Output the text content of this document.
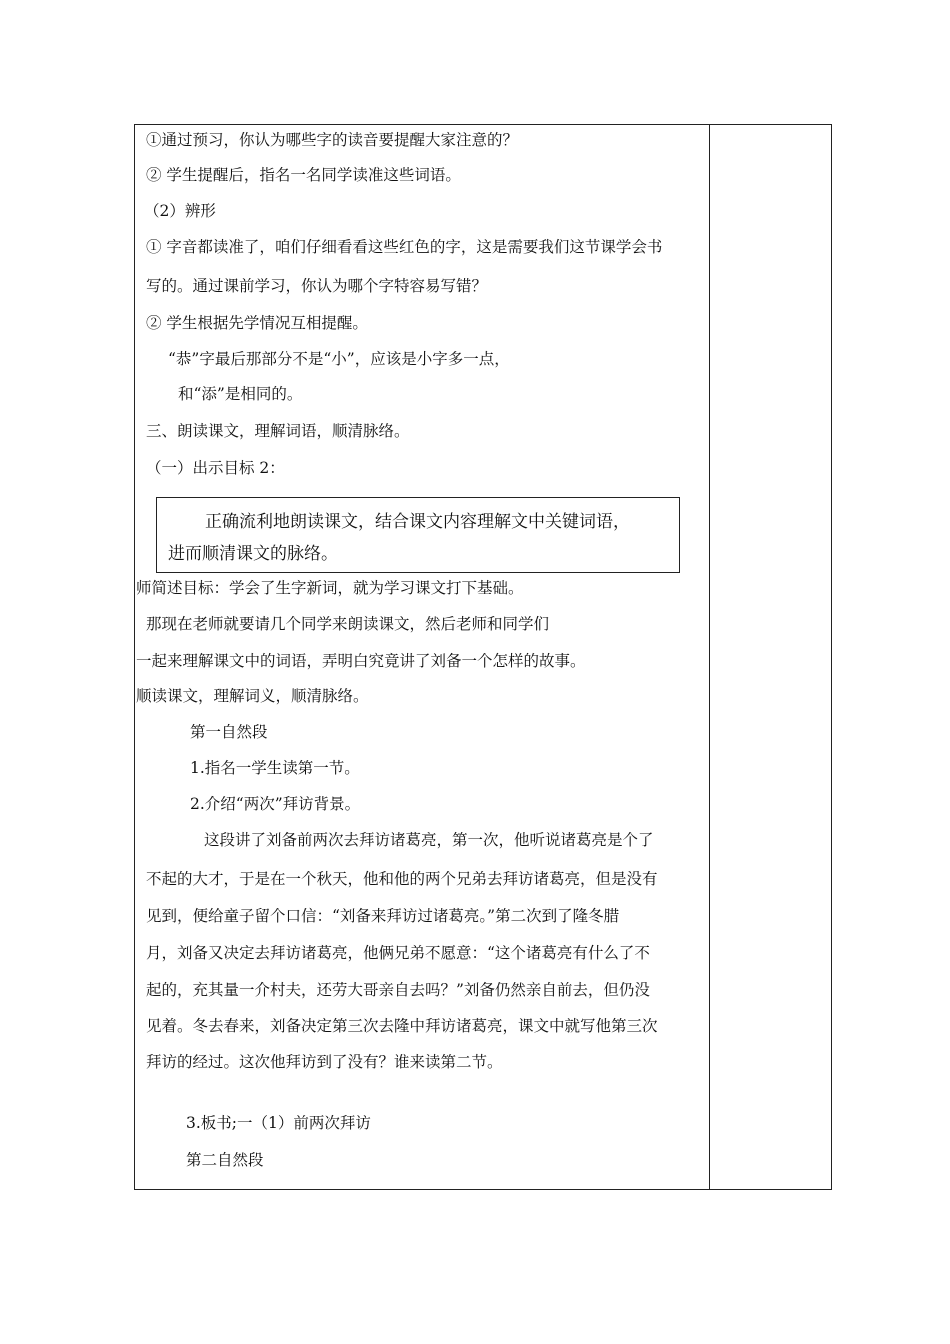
①通过预习，你认为哪些字的读音要提醒大家注意的？
② 学生提醒后，指名一名同学读准这些词语。
（2）辨形
① 字音都读准了，咱们仔细看看这些红色的字，这是需要我们这节课学会书
写的。通过课前学习，你认为哪个字特容易写错？
② 学生根据先学情况互相提醒。
“恭”字最后那部分不是“小”，应该是小字多一点，
和“添”是相同的。
三、朗读课文，理解词语，顺清脉络。
（一）出示目标 2：
正确流利地朗读课文，结合课文内容理解文中关键词语，
进而顺清课文的脉络。
师简述目标：学会了生字新词，就为学习课文打下基础。
那现在老师就要请几个同学来朗读课文，然后老师和同学们
一起来理解课文中的词语，弄明白究竟讲了刘备一个怎样的故事。
顺读课文，理解词义，顺清脉络。
第一自然段
1.指名一学生读第一节。
2.介绍“两次”拜访背景。
这段讲了刘备前两次去拜访诸葛亮，第一次，他听说诸葛亮是个了
不起的大才，于是在一个秋天，他和他的两个兄弟去拜访诸葛亮，但是没有
见到，便给童子留个口信：“刘备来拜访过诸葛亮。”第二次到了隆冬腊
月，刘备又决定去拜访诸葛亮，他俩兄弟不愿意：“这个诸葛亮有什么了不
起的，充其量一介村夫，还劳大哥亲自去吗？”刘备仍然亲自前去，但仍没
见着。冬去春来，刘备决定第三次去隆中拜访诸葛亮，课文中就写他第三次
拜访的经过。这次他拜访到了没有？谁来读第二节。
3.板书;一（1）前两次拜访
第二自然段
